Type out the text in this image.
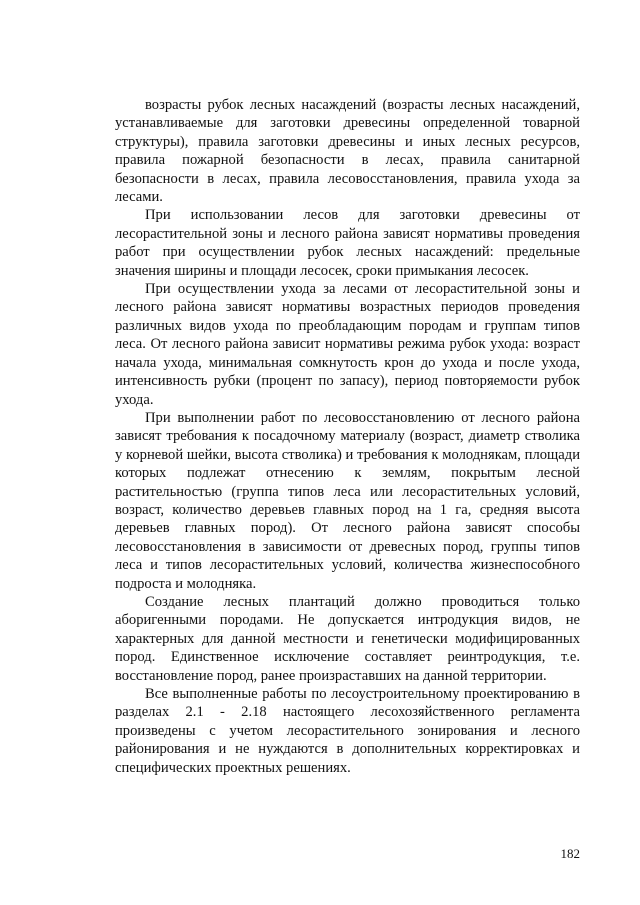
возрасты рубок лесных насаждений (возрасты лесных насаждений, устанавливаемые для заготовки древесины определенной товарной структуры), правила заготовки древесины и иных лесных ресурсов, правила пожарной безопасности в лесах, правила санитарной безопасности в лесах, правила лесовосстановления, правила ухода за лесами.

При использовании лесов для заготовки древесины от лесорастительной зоны и лесного района зависят нормативы проведения работ при осуществлении рубок лесных насаждений: предельные значения ширины и площади лесосек, сроки примыкания лесосек.

При осуществлении ухода за лесами от лесорастительной зоны и лесного района зависят нормативы возрастных периодов проведения различных видов ухода по преобладающим породам и группам типов леса. От лесного района зависит нормативы режима рубок ухода: возраст начала ухода, минимальная сомкнутость крон до ухода и после ухода, интенсивность рубки (процент по запасу), период повторяемости рубок ухода.

При выполнении работ по лесовосстановлению от лесного района зависят требования к посадочному материалу (возраст, диаметр стволика у корневой шейки, высота стволика) и требования к молоднякам, площади которых подлежат отнесению к землям, покрытым лесной растительностью (группа типов леса или лесорастительных условий, возраст, количество деревьев главных пород на 1 га, средняя высота деревьев главных пород). От лесного района зависят способы лесовосстановления в зависимости от древесных пород, группы типов леса и типов лесорастительных условий, количества жизнеспособного подроста и молодняка.

Создание лесных плантаций должно проводиться только аборигенными породами. Не допускается интродукция видов, не характерных для данной местности и генетически модифицированных пород. Единственное исключение составляет реинтродукция, т.е. восстановление пород, ранее произраставших на данной территории.

Все выполненные работы по лесоустроительному проектированию в разделах 2.1 - 2.18 настоящего лесохозяйственного регламента произведены с учетом лесорастительного зонирования и лесного районирования и не нуждаются в дополнительных корректировках и специфических проектных решениях.

182
